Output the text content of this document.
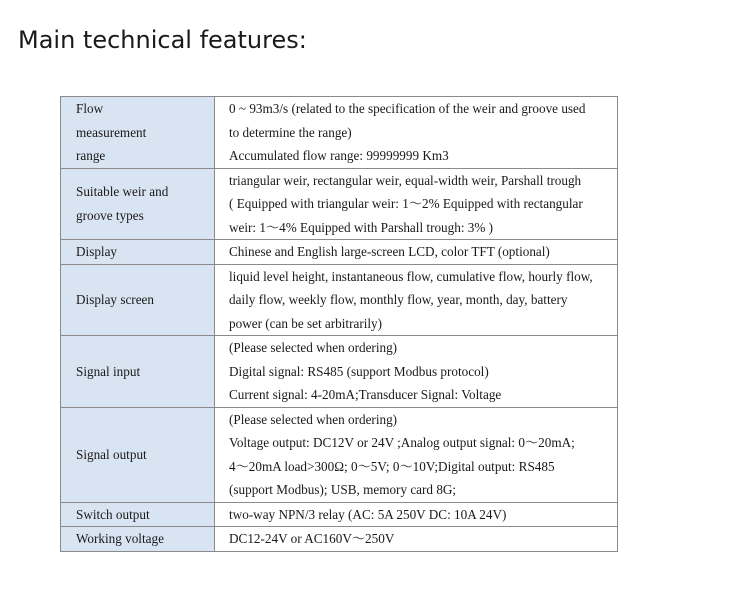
Main technical features:
Flow
measurement
range	0 ~ 93m3/s (related to the specification of the weir and groove used
to determine the range)
Accumulated flow range: 99999999 Km3

Suitable weir and
groove types	triangular weir, rectangular weir, equal-width weir, Parshall trough
( Equipped with triangular weir: 1～2% Equipped with rectangular
weir: 1～4% Equipped with Parshall trough: 3% )

Display	Chinese and English large-screen LCD, color TFT (optional)

Display screen	liquid level height, instantaneous flow, cumulative flow, hourly flow,
daily flow, weekly flow, monthly flow, year, month, day, battery
power (can be set arbitrarily)

Signal input	(Please selected when ordering)
Digital signal: RS485 (support Modbus protocol)
Current signal: 4-20mA;Transducer Signal: Voltage

Signal output	(Please selected when ordering)
Voltage output: DC12V or 24V ;Analog output signal: 0～20mA;
4～20mA load>300Ω; 0～5V; 0～10V;Digital output: RS485
(support Modbus); USB, memory card 8G;

Switch output	two-way NPN/3 relay (AC: 5A 250V DC: 10A 24V)

Working voltage	DC12-24V or AC160V～250V
